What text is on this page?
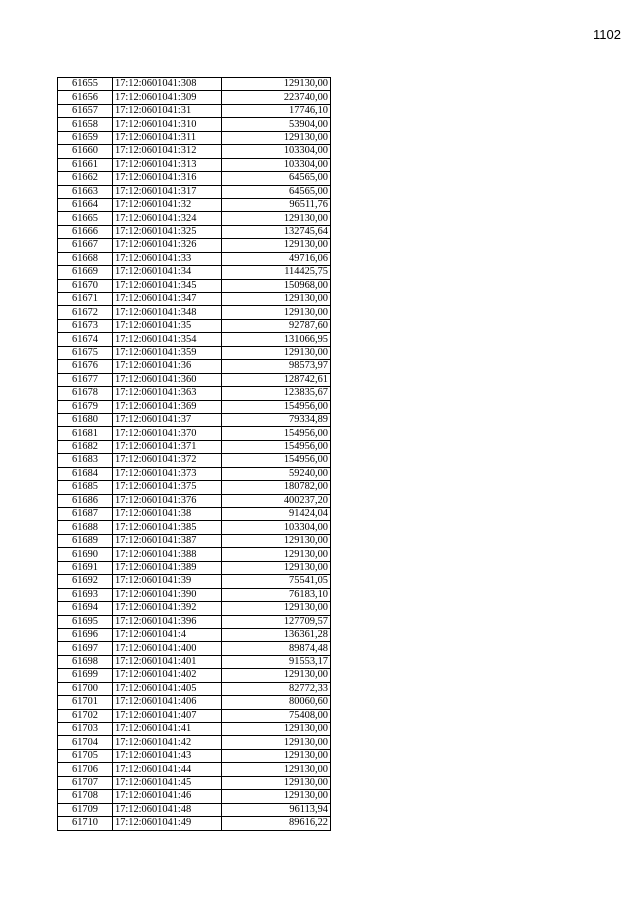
1102
61655	17:12:0601041:308	129130,00
61656	17:12:0601041:309	223740,00
61657	17:12:0601041:31	17746,10
61658	17:12:0601041:310	53904,00
61659	17:12:0601041:311	129130,00
61660	17:12:0601041:312	103304,00
61661	17:12:0601041:313	103304,00
61662	17:12:0601041:316	64565,00
61663	17:12:0601041:317	64565,00
61664	17:12:0601041:32	96511,76
61665	17:12:0601041:324	129130,00
61666	17:12:0601041:325	132745,64
61667	17:12:0601041:326	129130,00
61668	17:12:0601041:33	49716,06
61669	17:12:0601041:34	114425,75
61670	17:12:0601041:345	150968,00
61671	17:12:0601041:347	129130,00
61672	17:12:0601041:348	129130,00
61673	17:12:0601041:35	92787,60
61674	17:12:0601041:354	131066,95
61675	17:12:0601041:359	129130,00
61676	17:12:0601041:36	98573,97
61677	17:12:0601041:360	128742,61
61678	17:12:0601041:363	123835,67
61679	17:12:0601041:369	154956,00
61680	17:12:0601041:37	79334,89
61681	17:12:0601041:370	154956,00
61682	17:12:0601041:371	154956,00
61683	17:12:0601041:372	154956,00
61684	17:12:0601041:373	59240,00
61685	17:12:0601041:375	180782,00
61686	17:12:0601041:376	400237,20
61687	17:12:0601041:38	91424,04
61688	17:12:0601041:385	103304,00
61689	17:12:0601041:387	129130,00
61690	17:12:0601041:388	129130,00
61691	17:12:0601041:389	129130,00
61692	17:12:0601041:39	75541,05
61693	17:12:0601041:390	76183,10
61694	17:12:0601041:392	129130,00
61695	17:12:0601041:396	127709,57
61696	17:12:0601041:4	136361,28
61697	17:12:0601041:400	89874,48
61698	17:12:0601041:401	91553,17
61699	17:12:0601041:402	129130,00
61700	17:12:0601041:405	82772,33
61701	17:12:0601041:406	80060,60
61702	17:12:0601041:407	75408,00
61703	17:12:0601041:41	129130,00
61704	17:12:0601041:42	129130,00
61705	17:12:0601041:43	129130,00
61706	17:12:0601041:44	129130,00
61707	17:12:0601041:45	129130,00
61708	17:12:0601041:46	129130,00
61709	17:12:0601041:48	96113,94
61710	17:12:0601041:49	89616,22
